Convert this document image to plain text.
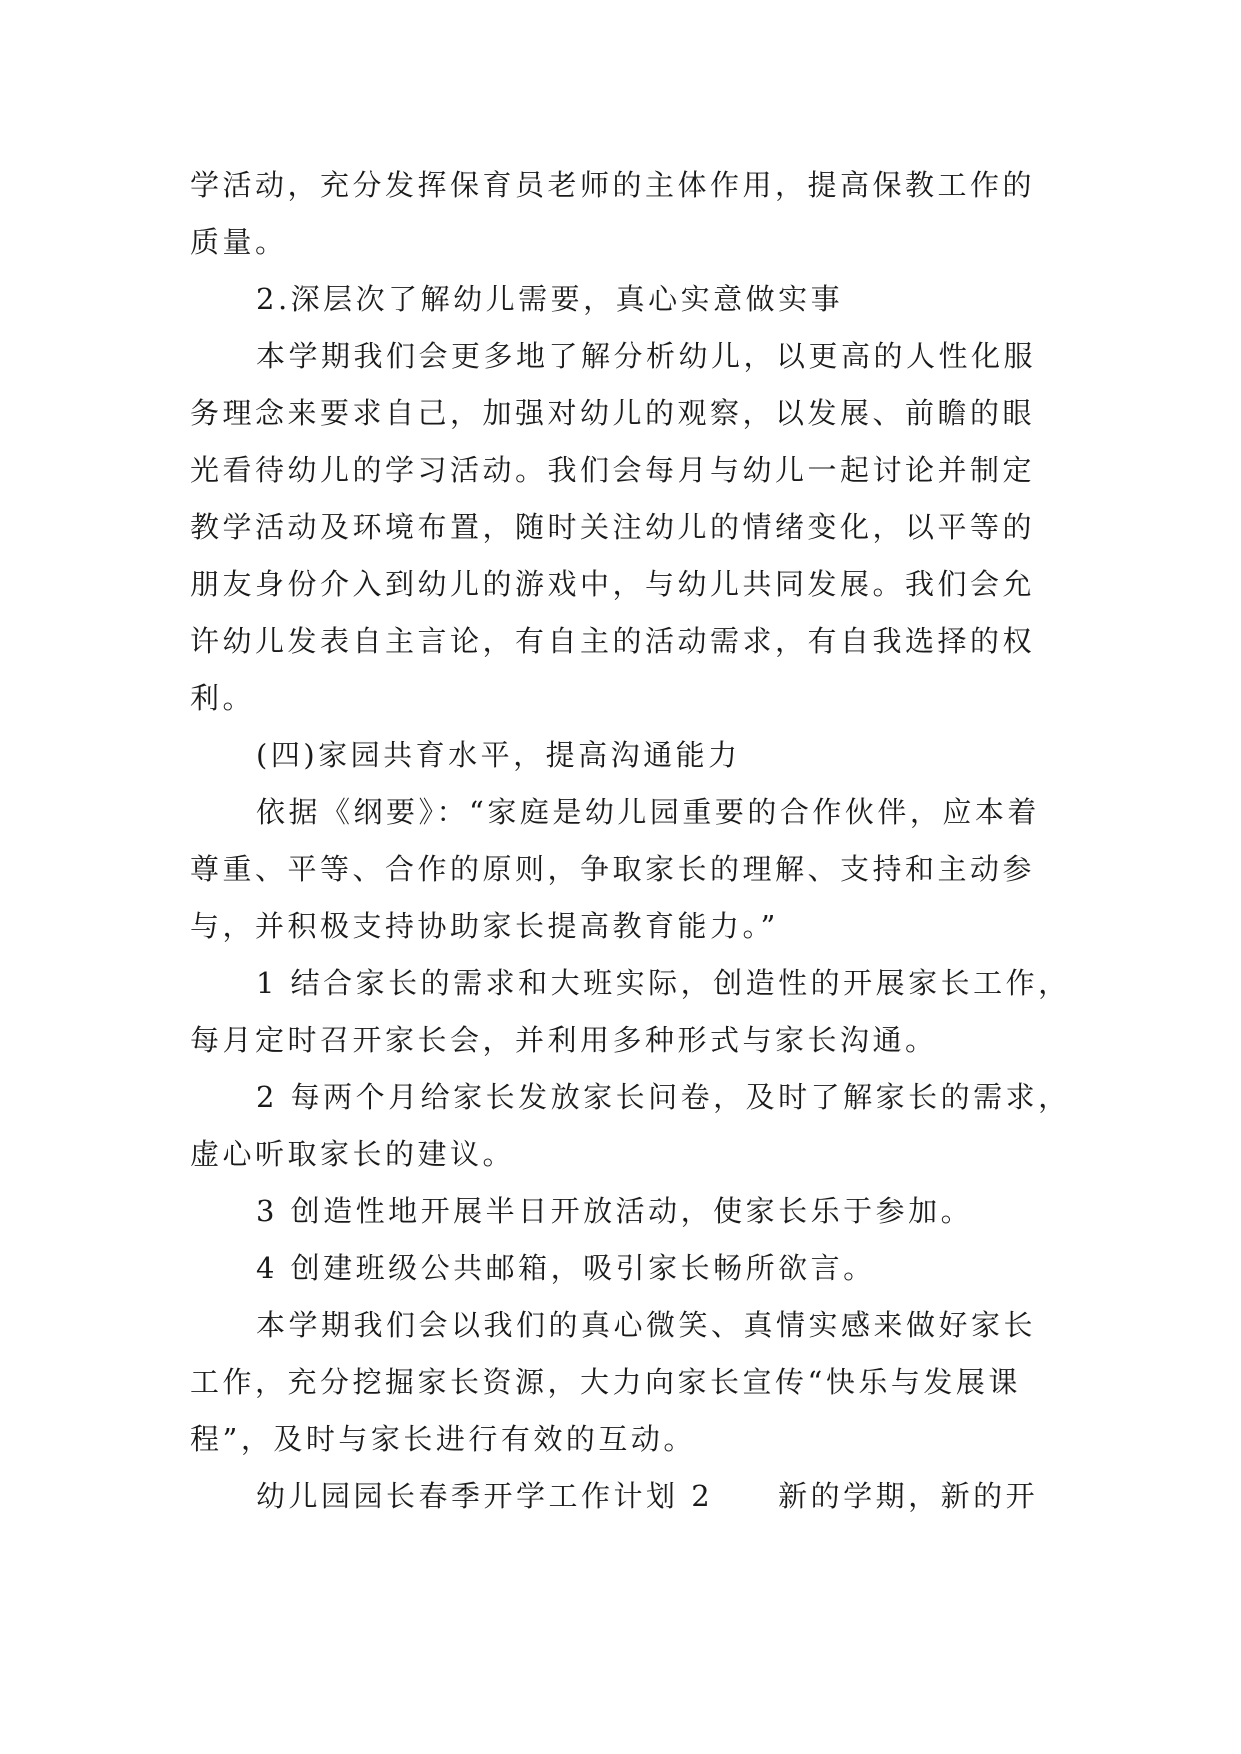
学活动，充分发挥保育员老师的主体作用，提高保教工作的
质量。
2.深层次了解幼儿需要，真心实意做实事
本学期我们会更多地了解分析幼儿，以更高的人性化服
务理念来要求自己，加强对幼儿的观察，以发展、前瞻的眼
光看待幼儿的学习活动。我们会每月与幼儿一起讨论并制定
教学活动及环境布置，随时关注幼儿的情绪变化，以平等的
朋友身份介入到幼儿的游戏中，与幼儿共同发展。我们会允
许幼儿发表自主言论，有自主的活动需求，有自我选择的权
利。
(四)家园共育水平，提高沟通能力
依据《纲要》：“家庭是幼儿园重要的合作伙伴，应本着
尊重、平等、合作的原则，争取家长的理解、支持和主动参
与，并积极支持协助家长提高教育能力。”
1 结合家长的需求和大班实际，创造性的开展家长工作，
每月定时召开家长会，并利用多种形式与家长沟通。
2 每两个月给家长发放家长问卷，及时了解家长的需求，
虚心听取家长的建议。
3 创造性地开展半日开放活动，使家长乐于参加。
4 创建班级公共邮箱，吸引家长畅所欲言。
本学期我们会以我们的真心微笑、真情实感来做好家长
工作，充分挖掘家长资源，大力向家长宣传“快乐与发展课
程”，及时与家长进行有效的互动。
幼儿园园长春季开学工作计划 2　　新的学期，新的开
